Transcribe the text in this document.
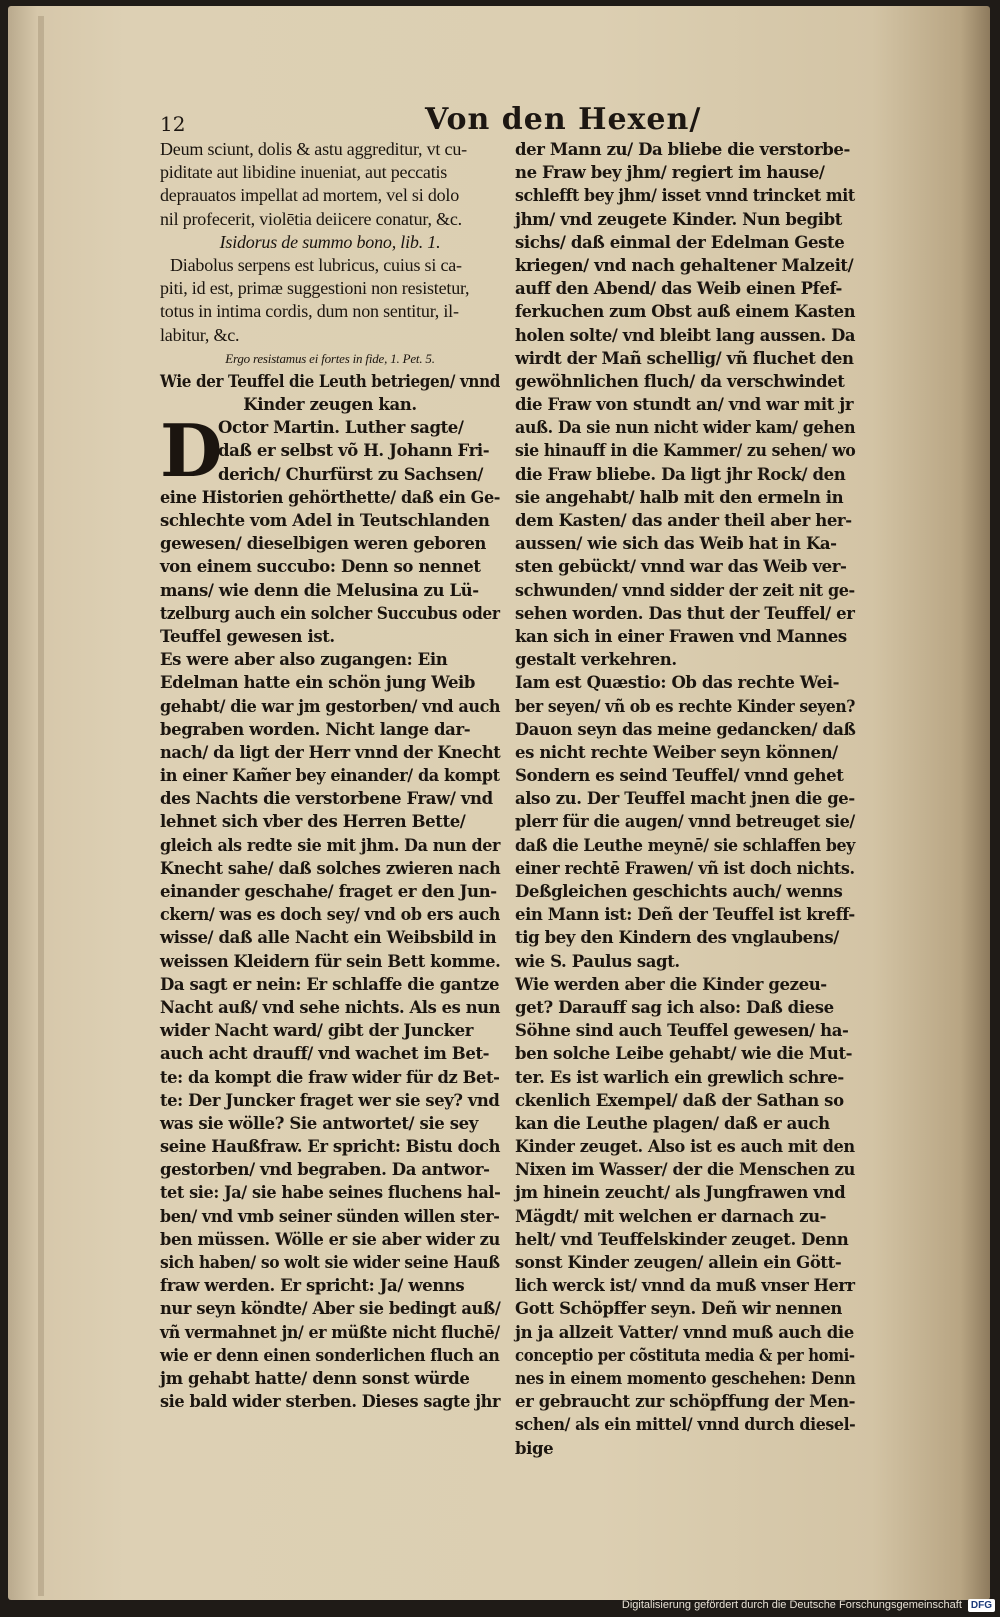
12	Von den Hexen/
Deum sciunt, dolis & astu aggreditur, vt cu-
piditate aut libidine inueniat, aut peccatis
deprauatos impellat ad mortem, vel si dolo
nil profecerit, violētia deiicere conatur, &c.
Isidorus de summo bono, lib. 1.
Diabolus serpens est lubricus, cuius si ca-
piti, id est, primæ suggestioni non resistetur,
totus in intima cordis, dum non sentitur, il-
labitur, &c.
Ergo resistamus ei fortes in fide, 1. Pet. 5.
Wie der Teuffel die Leuth betriegen/ vnnd
Kinder zeugen kan.
D
Octor Martin. Luther sagte/
daß er selbst võ H. Johann Fri-
derich/ Churfürst zu Sachsen/
eine Historien gehörthette/ daß ein Ge-
schlechte vom Adel in Teutschlanden
gewesen/ dieselbigen weren geboren
von einem succubo: Denn so nennet
mans/ wie denn die Melusina zu Lü-
tzelburg auch ein solcher Succubus oder
Teuffel gewesen ist.
Es were aber also zugangen: Ein
Edelman hatte ein schön jung Weib
gehabt/ die war jm gestorben/ vnd auch
begraben worden. Nicht lange dar-
nach/ da ligt der Herr vnnd der Knecht
in einer Kam̃er bey einander/ da kompt
des Nachts die verstorbene Fraw/ vnd
lehnet sich vber des Herren Bette/
gleich als redte sie mit jhm. Da nun der
Knecht sahe/ daß solches zwieren nach
einander geschahe/ fraget er den Jun-
ckern/ was es doch sey/ vnd ob ers auch
wisse/ daß alle Nacht ein Weibsbild in
weissen Kleidern für sein Bett komme.
Da sagt er nein: Er schlaffe die gantze
Nacht auß/ vnd sehe nichts. Als es nun
wider Nacht ward/ gibt der Juncker
auch acht drauff/ vnd wachet im Bet-
te: da kompt die fraw wider für dz Bet-
te: Der Juncker fraget wer sie sey? vnd
was sie wölle? Sie antwortet/ sie sey
seine Haußfraw. Er spricht: Bistu doch
gestorben/ vnd begraben. Da antwor-
tet sie: Ja/ sie habe seines fluchens hal-
ben/ vnd vmb seiner sünden willen ster-
ben müssen. Wölle er sie aber wider zu
sich haben/ so wolt sie wider seine Hauß
fraw werden. Er spricht: Ja/ wenns
nur seyn köndte/ Aber sie bedingt auß/
vñ vermahnet jn/ er müßte nicht fluchē/
wie er denn einen sonderlichen fluch an
jm gehabt hatte/ denn sonst würde
sie bald wider sterben. Dieses sagte jhr
der Mann zu/ Da bliebe die verstorbe-
ne Fraw bey jhm/ regiert im hause/
schlefft bey jhm/ isset vnnd trincket mit
jhm/ vnd zeugete Kinder. Nun begibt
sichs/ daß einmal der Edelman Geste
kriegen/ vnd nach gehaltener Malzeit/
auff den Abend/ das Weib einen Pfef-
ferkuchen zum Obst auß einem Kasten
holen solte/ vnd bleibt lang aussen. Da
wirdt der Mañ schellig/ vñ fluchet den
gewöhnlichen fluch/ da verschwindet
die Fraw von stundt an/ vnd war mit jr
auß. Da sie nun nicht wider kam/ gehen
sie hinauff in die Kammer/ zu sehen/ wo
die Fraw bliebe. Da ligt jhr Rock/ den
sie angehabt/ halb mit den ermeln in
dem Kasten/ das ander theil aber her-
aussen/ wie sich das Weib hat in Ka-
sten gebückt/ vnnd war das Weib ver-
schwunden/ vnnd sidder der zeit nit ge-
sehen worden. Das thut der Teuffel/ er
kan sich in einer Frawen vnd Mannes
gestalt verkehren.
Iam est Quæstio: Ob das rechte Wei-
ber seyen/ vñ ob es rechte Kinder seyen?
Dauon seyn das meine gedancken/ daß
es nicht rechte Weiber seyn können/
Sondern es seind Teuffel/ vnnd gehet
also zu. Der Teuffel macht jnen die ge-
plerr für die augen/ vnnd betreuget sie/
daß die Leuthe meynē/ sie schlaffen bey
einer rechtē Frawen/ vñ ist doch nichts.
Deßgleichen geschichts auch/ wenns
ein Mann ist: Deñ der Teuffel ist kreff-
tig bey den Kindern des vnglaubens/
wie S. Paulus sagt.
Wie werden aber die Kinder gezeu-
get? Darauff sag ich also: Daß diese
Söhne sind auch Teuffel gewesen/ ha-
ben solche Leibe gehabt/ wie die Mut-
ter. Es ist warlich ein grewlich schre-
ckenlich Exempel/ daß der Sathan so
kan die Leuthe plagen/ daß er auch
Kinder zeuget. Also ist es auch mit den
Nixen im Wasser/ der die Menschen zu
jm hinein zeucht/ als Jungfrawen vnd
Mägdt/ mit welchen er darnach zu-
helt/ vnd Teuffelskinder zeuget. Denn
sonst Kinder zeugen/ allein ein Gött-
lich werck ist/ vnnd da muß vnser Herr
Gott Schöpffer seyn. Deñ wir nennen
jn ja allzeit Vatter/ vnnd muß auch die
conceptio per cõstituta media & per homi-
nes in einem momento geschehen: Denn
er gebraucht zur schöpffung der Men-
schen/ als ein mittel/ vnnd durch diesel-
bige
Digitalisierung gefördert durch die Deutsche Forschungsgemeinschaft DFG
